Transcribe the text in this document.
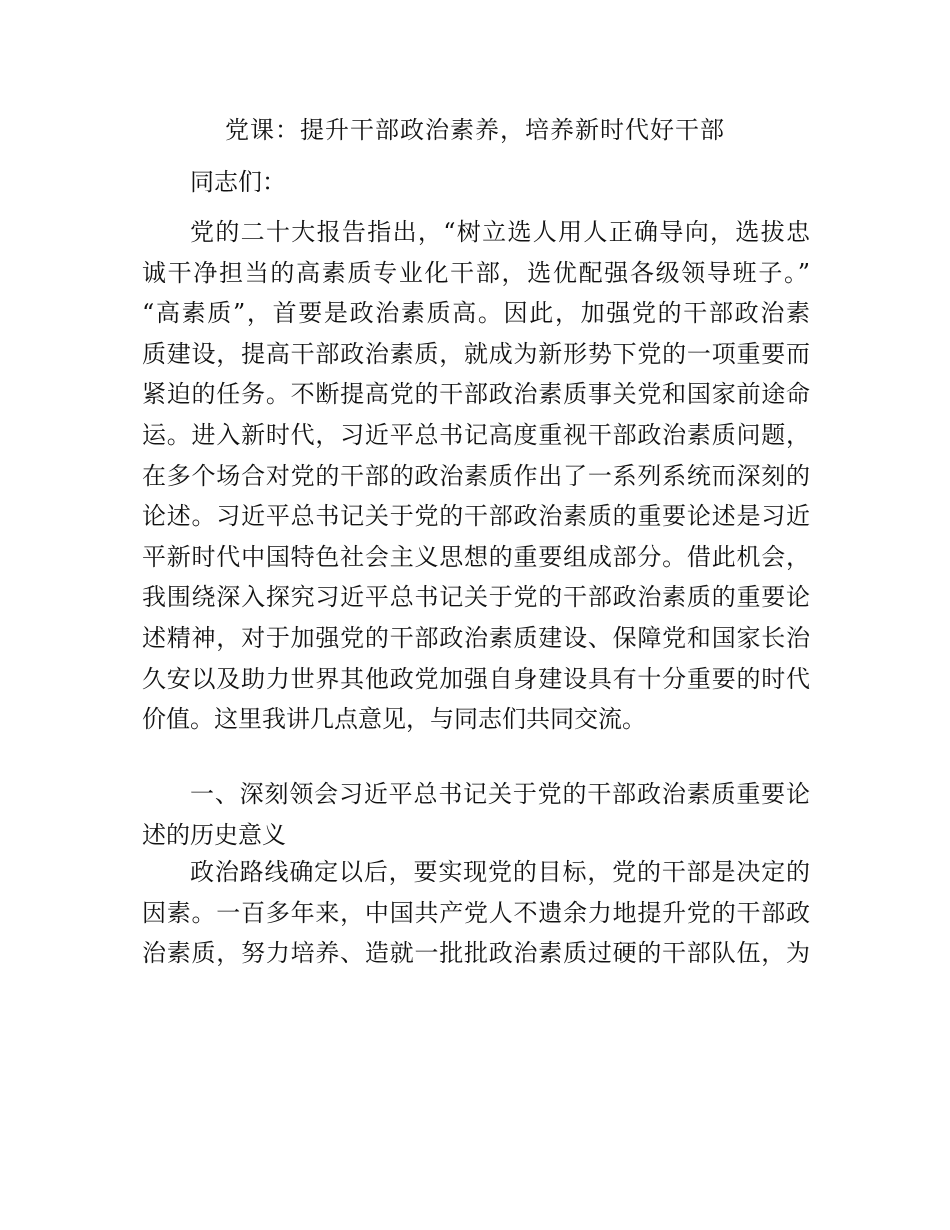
党课：提升干部政治素养，培养新时代好干部
同志们：
党的二十大报告指出，“树立选人用人正确导向，选拔忠
诚干净担当的高素质专业化干部，选优配强各级领导班子。”
“高素质”，首要是政治素质高。因此，加强党的干部政治素
质建设，提高干部政治素质，就成为新形势下党的一项重要而
紧迫的任务。不断提高党的干部政治素质事关党和国家前途命
运。进入新时代，习近平总书记高度重视干部政治素质问题，
在多个场合对党的干部的政治素质作出了一系列系统而深刻的
论述。习近平总书记关于党的干部政治素质的重要论述是习近
平新时代中国特色社会主义思想的重要组成部分。借此机会，
我围绕深入探究习近平总书记关于党的干部政治素质的重要论
述精神，对于加强党的干部政治素质建设、保障党和国家长治
久安以及助力世界其他政党加强自身建设具有十分重要的时代
价值。这里我讲几点意见，与同志们共同交流。
一、深刻领会习近平总书记关于党的干部政治素质重要论
述的历史意义
政治路线确定以后，要实现党的目标，党的干部是决定的
因素。一百多年来，中国共产党人不遗余力地提升党的干部政
治素质，努力培养、造就一批批政治素质过硬的干部队伍，为
